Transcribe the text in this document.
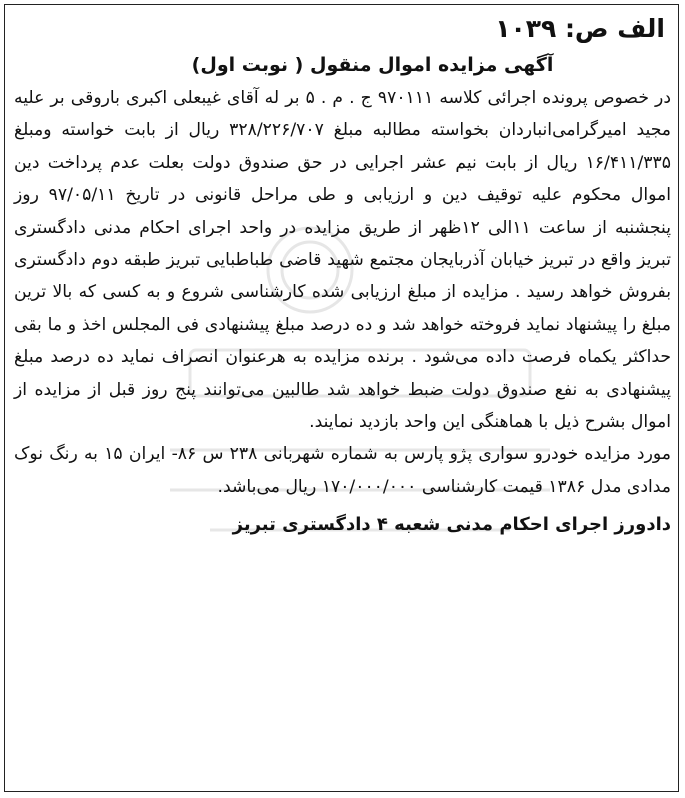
الف ص: ۱۰۳۹
آگهی مزایده اموال منقول ( نوبت اول)

در خصوص پرونده اجرائی کلاسه ۹۷۰۱۱۱ ج . م . ۵ بر له آقای غیبعلی اکبری باروقی بر علیه مجید امیرگرامی‌انباردان بخواسته مطالبه مبلغ ۳۲۸/۲۲۶/۷۰۷ ریال از بابت خواسته ومبلغ ۱۶/۴۱۱/۳۳۵ ریال از بابت نیم عشر اجرایی در حق صندوق دولت بعلت عدم پرداخت دین اموال محکوم علیه توقیف دین و ارزیابی و طی مراحل قانونی در تاریخ ۹۷/۰۵/۱۱ روز پنجشنبه از ساعت ۱۱الی ۱۲ظهر از طریق مزایده در واحد اجرای احکام مدنی دادگستری تبریز واقع در تبریز خیابان آذربایجان مجتمع شهید قاضی طباطبایی تبریز طبقه دوم دادگستری بفروش خواهد رسید . مزایده از مبلغ ارزیابی شده کارشناسی شروع و به کسی که بالا ترین مبلغ را پیشنهاد نماید فروخته خواهد شد و ده درصد مبلغ پیشنهادی فی المجلس اخذ و ما بقی حداکثر یکماه فرصت داده می‌شود . برنده مزایده به هرعنوان انصراف نماید ده درصد مبلغ پیشنهادی به نفع صندوق دولت ضبط خواهد شد طالبین می‌توانند پنج روز قبل از مزایده از اموال بشرح ذیل با هماهنگی این واحد بازدید نمایند.

مورد مزایده خودرو سواری پژو پارس به شماره شهربانی ۲۳۸ س ۸۶- ایران ۱۵ به رنگ نوک مدادی مدل ۱۳۸۶ قیمت کارشناسی ۱۷۰/۰۰۰/۰۰۰ ریال می‌باشد.

دادورز اجرای احکام مدنی شعبه ۴ دادگستری تبریز
